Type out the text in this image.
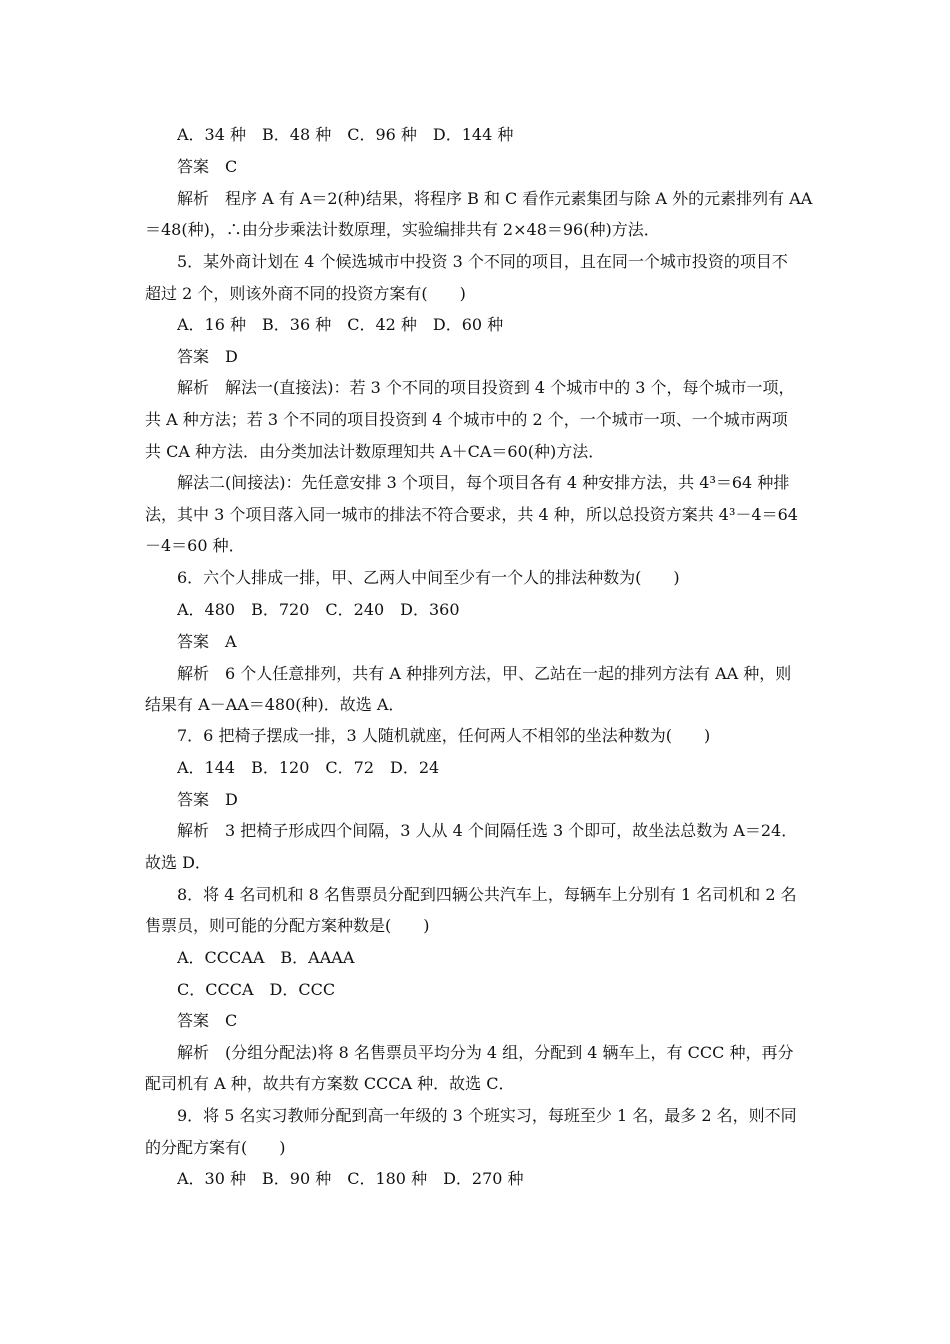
A．34 种　B．48 种　C．96 种　D．144 种
答案　C
解析　程序 A 有 A＝2(种)结果，将程序 B 和 C 看作元素集团与除 A 外的元素排列有 AA
＝48(种)，∴由分步乘法计数原理，实验编排共有 2×48＝96(种)方法．
5．某外商计划在 4 个候选城市中投资 3 个不同的项目，且在同一个城市投资的项目不
超过 2 个，则该外商不同的投资方案有(　　)
A．16 种　B．36 种　C．42 种　D．60 种
答案　D
解析　解法一(直接法)：若 3 个不同的项目投资到 4 个城市中的 3 个，每个城市一项，
共 A 种方法；若 3 个不同的项目投资到 4 个城市中的 2 个，一个城市一项、一个城市两项
共 CA 种方法．由分类加法计数原理知共 A＋CA＝60(种)方法．
解法二(间接法)：先任意安排 3 个项目，每个项目各有 4 种安排方法，共 4³＝64 种排
法，其中 3 个项目落入同一城市的排法不符合要求，共 4 种，所以总投资方案共 4³－4＝64
－4＝60 种．
6．六个人排成一排，甲、乙两人中间至少有一个人的排法种数为(　　)
A．480　B．720　C．240　D．360
答案　A
解析　6 个人任意排列，共有 A 种排列方法，甲、乙站在一起的排列方法有 AA 种，则
结果有 A－AA＝480(种)．故选 A．
7．6 把椅子摆成一排，3 人随机就座，任何两人不相邻的坐法种数为(　　)
A．144　B．120　C．72　D．24
答案　D
解析　3 把椅子形成四个间隔，3 人从 4 个间隔任选 3 个即可，故坐法总数为 A＝24．
故选 D．
8．将 4 名司机和 8 名售票员分配到四辆公共汽车上，每辆车上分别有 1 名司机和 2 名
售票员，则可能的分配方案种数是(　　)
A．CCCAA　B．AAAA
C．CCCA　D．CCC
答案　C
解析　(分组分配法)将 8 名售票员平均分为 4 组，分配到 4 辆车上，有 CCC 种，再分
配司机有 A 种，故共有方案数 CCCA 种．故选 C．
9．将 5 名实习教师分配到高一年级的 3 个班实习，每班至少 1 名，最多 2 名，则不同
的分配方案有(　　)
A．30 种　B．90 种　C．180 种　D．270 种
